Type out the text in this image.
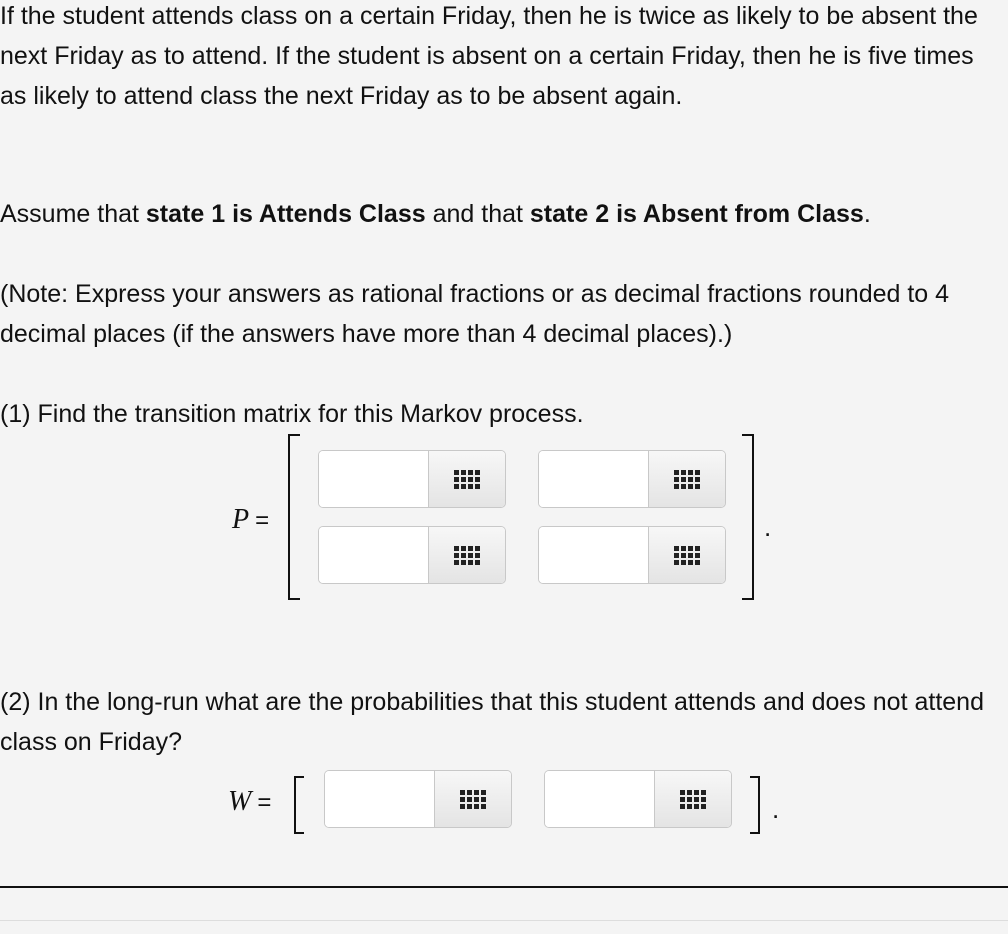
If the student attends class on a certain Friday, then he is twice as likely to be absent the next Friday as to attend. If the student is absent on a certain Friday, then he is five times as likely to attend class the next Friday as to be absent again.

Assume that state 1 is Attends Class and that state 2 is Absent from Class.

(Note: Express your answers as rational fractions or as decimal fractions rounded to 4 decimal places (if the answers have more than 4 decimal places).)

(1) Find the transition matrix for this Markov process.

P =	.

(2) In the long-run what are the probabilities that this student attends and does not attend class on Friday?

W =	.
